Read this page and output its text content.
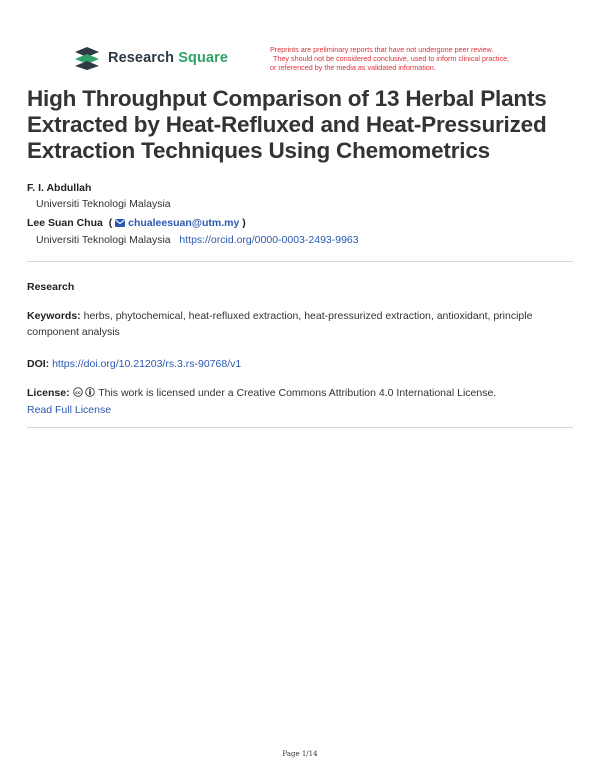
Research Square
Preprints are preliminary reports that have not undergone peer review.
They should not be considered conclusive, used to inform clinical practice,
or referenced by the media as validated information.
High Throughput Comparison of 13 Herbal Plants Extracted by Heat-Refluxed and Heat-Pressurized Extraction Techniques Using Chemometrics
F. I. Abdullah
Universiti Teknologi Malaysia
Lee Suan Chua ( chualeesuan@utm.my )
Universiti Teknologi Malaysia https://orcid.org/0000-0003-2493-9963
Research
Keywords: herbs, phytochemical, heat-refluxed extraction, heat-pressurized extraction, antioxidant, principle component analysis
DOI: https://doi.org/10.21203/rs.3.rs-90768/v1
License: cc This work is licensed under a Creative Commons Attribution 4.0 International License.
Read Full License
Page 1/14
